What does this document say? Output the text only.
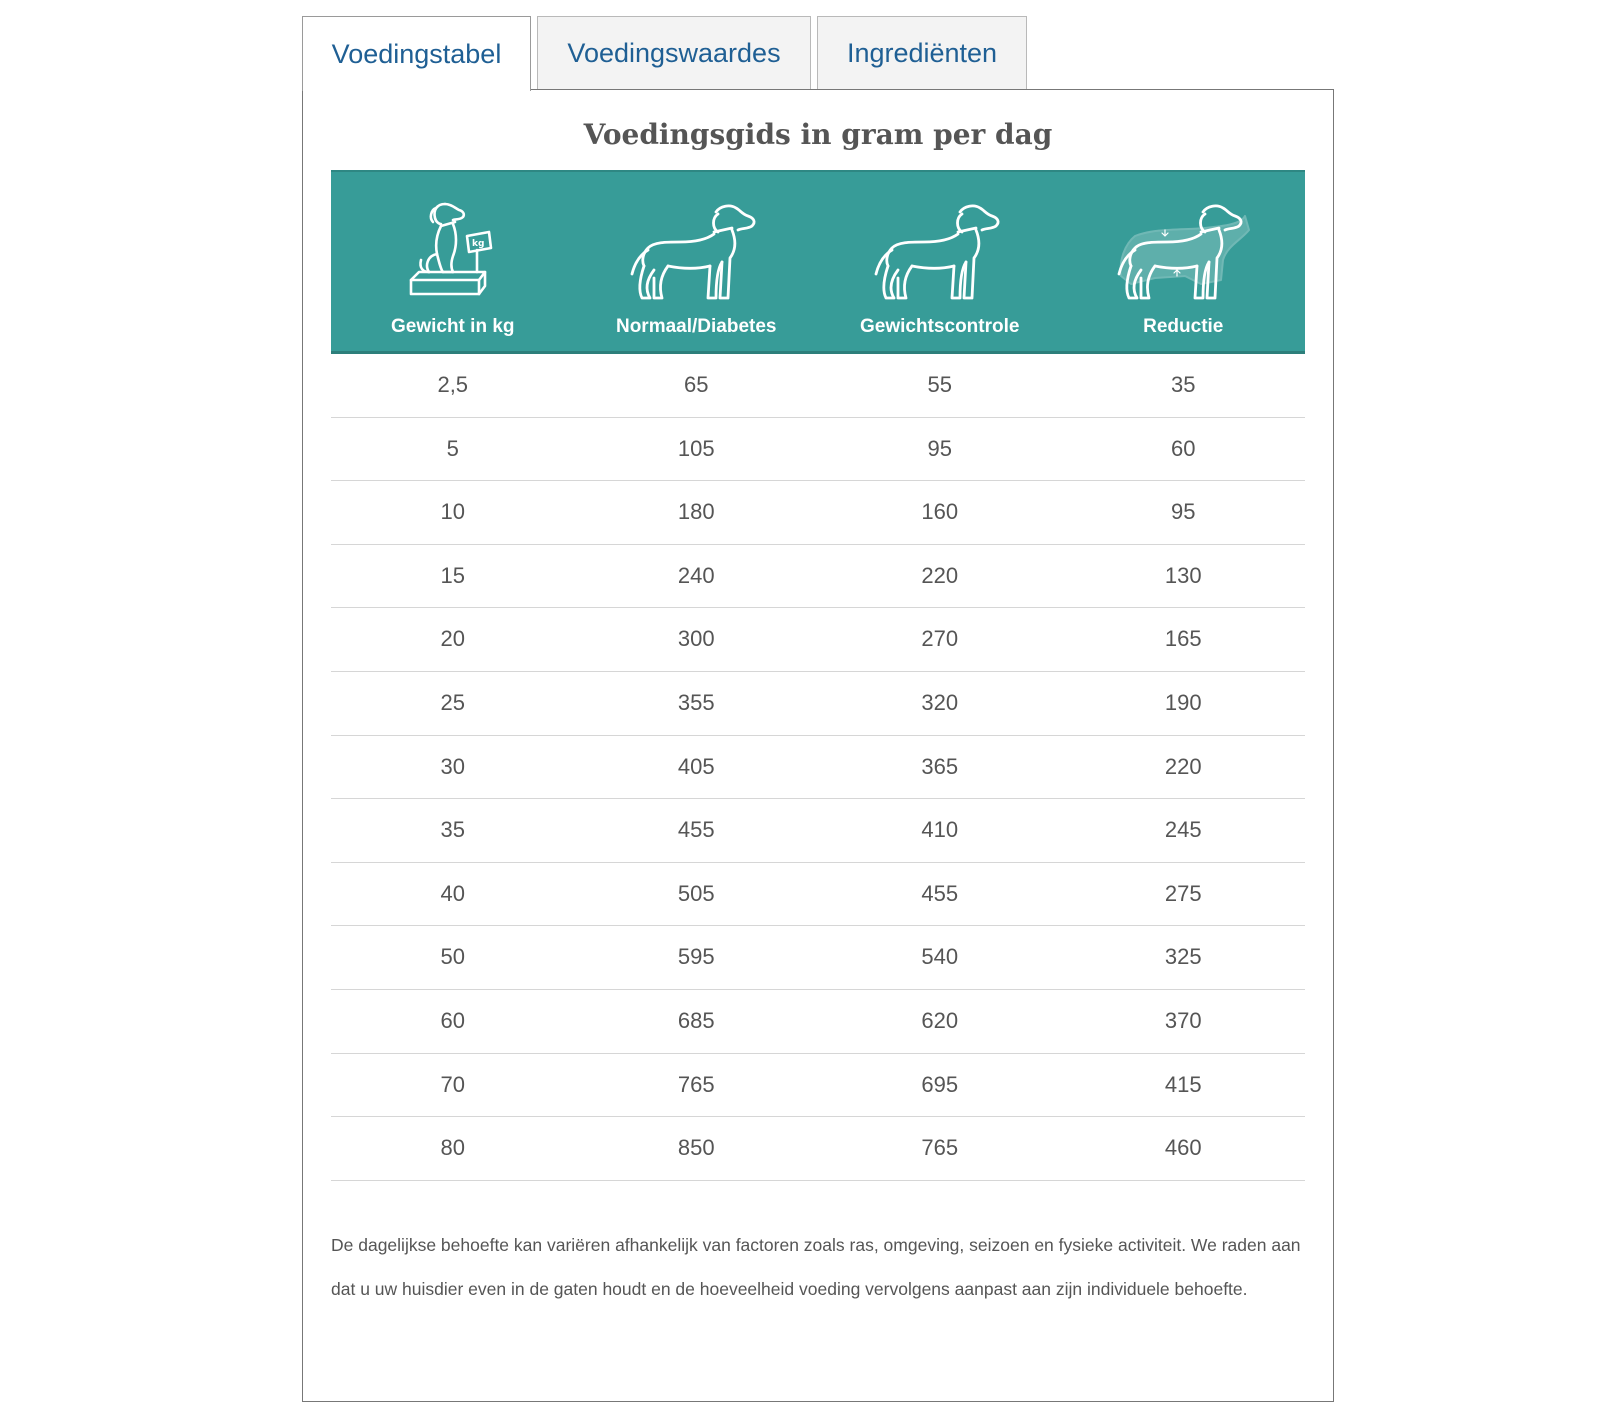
Voedingstabel	Voedingswaardes	Ingrediënten
Voedingsgids in gram per dag
kg
Gewicht in kg	Normaal/Diabetes	Gewichtscontrole	Reductie
2,5	65	55	35
5	105	95	60
10	180	160	95
15	240	220	130
20	300	270	165
25	355	320	190
30	405	365	220
35	455	410	245
40	505	455	275
50	595	540	325
60	685	620	370
70	765	695	415
80	850	765	460
De dagelijkse behoefte kan variëren afhankelijk van factoren zoals ras, omgeving, seizoen en fysieke activiteit. We raden aan dat u uw huisdier even in de gaten houdt en de hoeveelheid voeding vervolgens aanpast aan zijn individuele behoefte.
